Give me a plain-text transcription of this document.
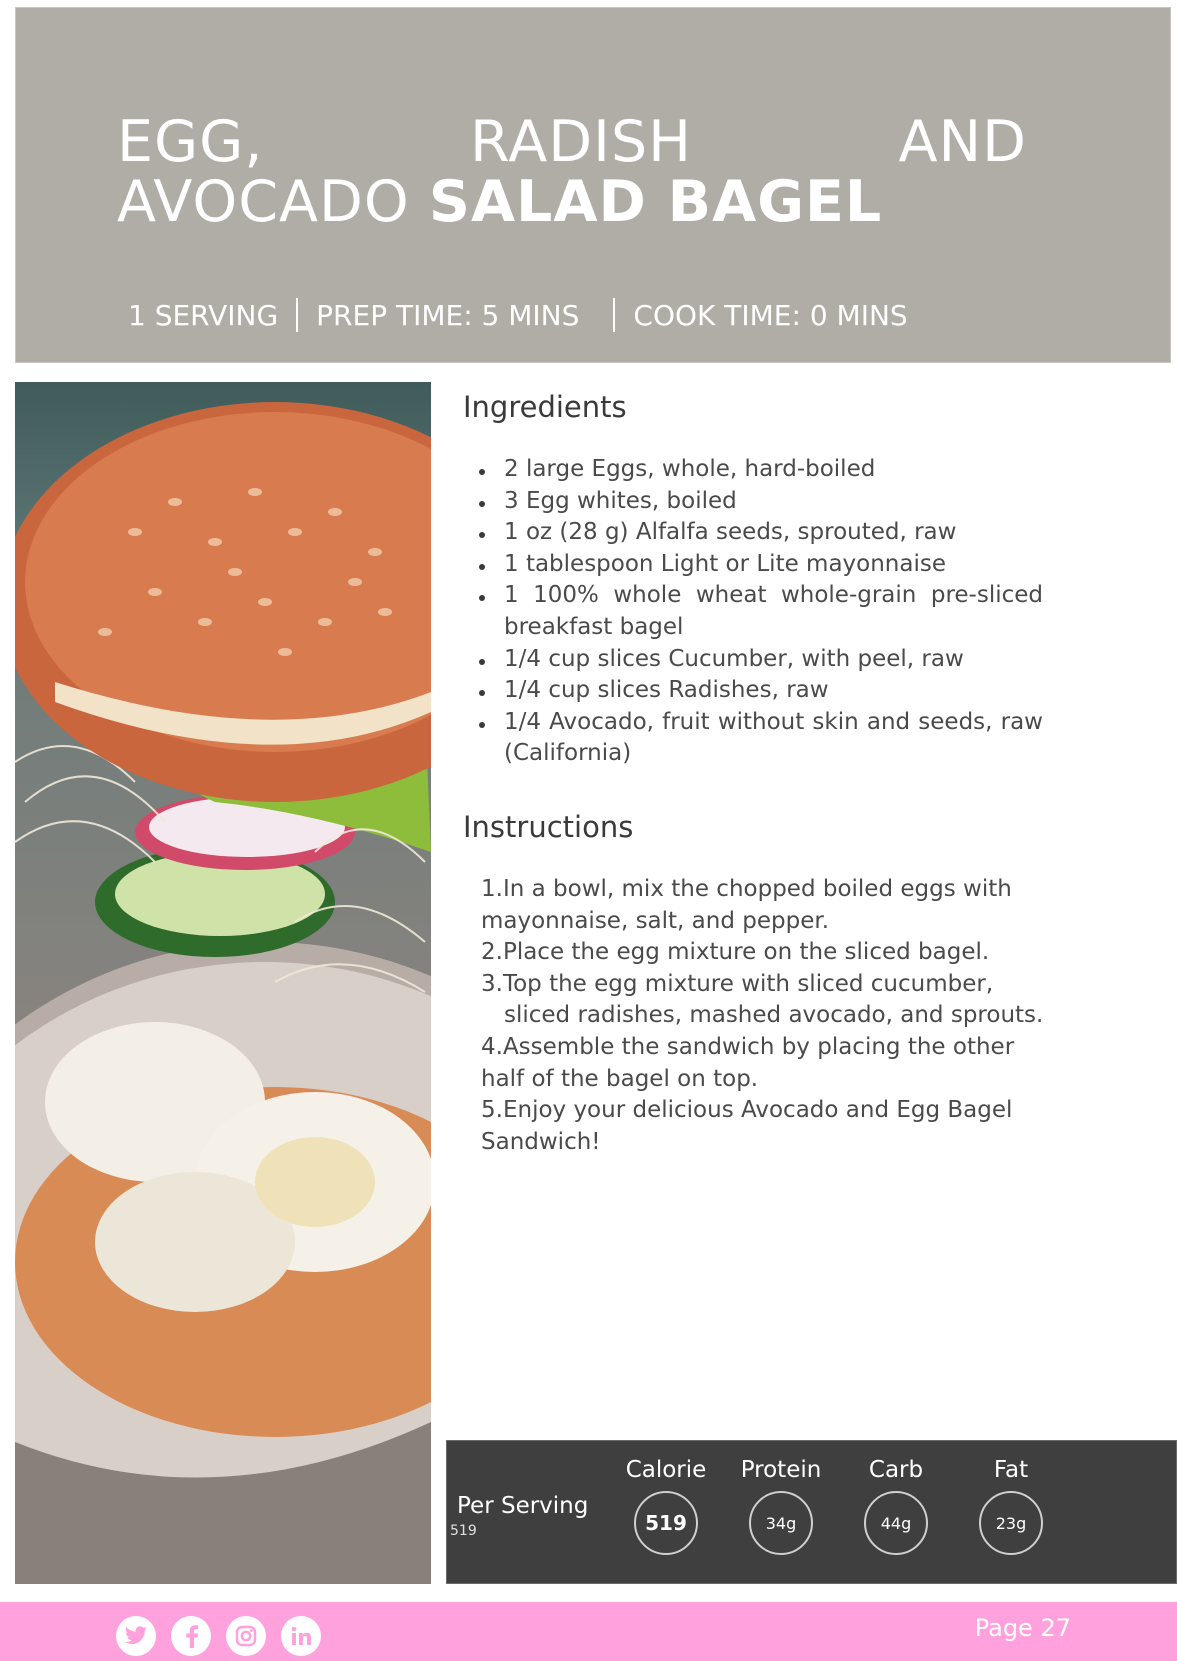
EGG,	RADISH	AND
AVOCADO SALAD BAGEL
1 SERVING PREP TIME: 5 MINS COOK TIME: 0 MINS
Ingredients
2 large Eggs, whole, hard-boiled
3 Egg whites, boiled
1 oz (28 g) Alfalfa seeds, sprouted, raw
1 tablespoon Light or Lite mayonnaise
1 100% whole wheat whole-grain pre-sliced breakfast bagel
1/4 cup slices Cucumber, with peel, raw
1/4 cup slices Radishes, raw
1/4 Avocado, fruit without skin and seeds, raw (California)
Instructions

1.In a bowl, mix the chopped boiled eggs with mayonnaise, salt, and pepper.

2.Place the egg mixture on the sliced bagel.

3.Top the egg mixture with sliced cucumber,
sliced radishes, mashed avocado, and sprouts.

4.Assemble the sandwich by placing the other half of the bagel on top.

5.Enjoy your delicious Avocado and Egg Bagel Sandwich!

Per Serving
519
Calorie
519
Protein
34g
Carb
44g
Fat
23g
Page 27
